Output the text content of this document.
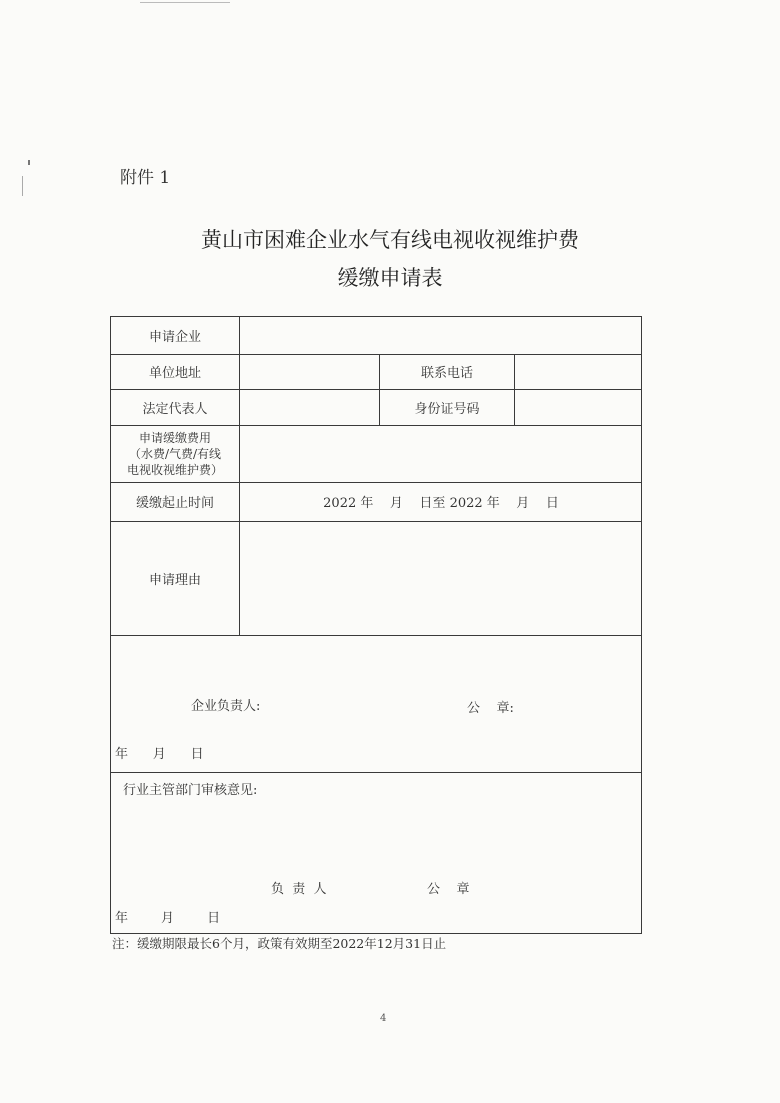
附件 1
黄山市困难企业水气有线电视收视维护费
缓缴申请表
申请企业
单位地址	联系电话
法定代表人	身份证号码
申请缓缴费用
（水费/气费/有线
电视收视维护费）
缓缴起止时间	2022 年    月    日至 2022 年    月    日
申请理由
企业负责人:	公    章:
年      月      日
行业主管部门审核意见:
负  责  人	公    章
年        月        日
注：缓缴期限最长6个月，政策有效期至2022年12月31日止
4
